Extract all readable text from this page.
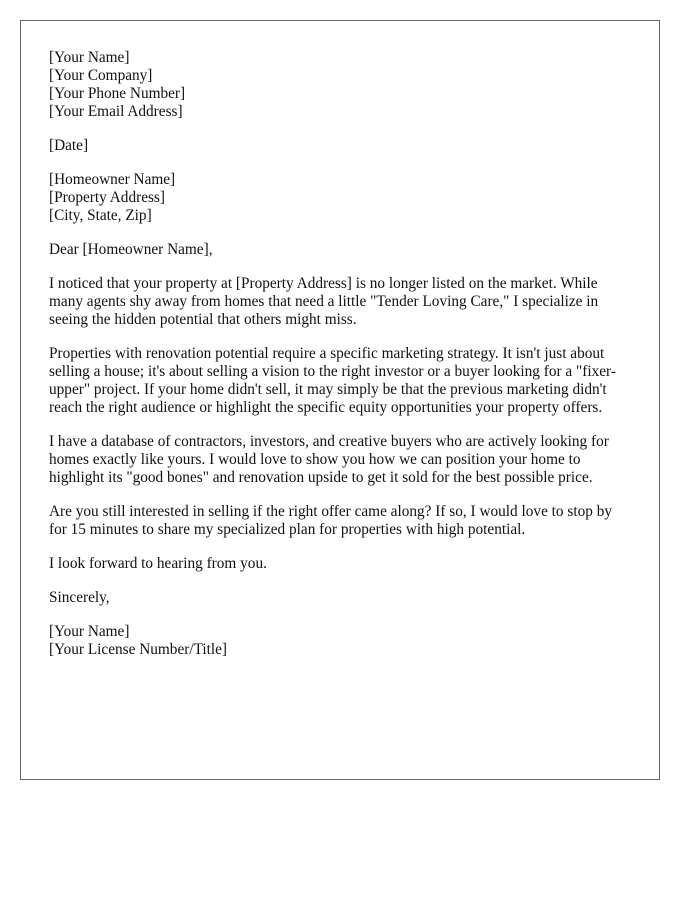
[Your Name]
[Your Company]
[Your Phone Number]
[Your Email Address]
[Date]
[Homeowner Name]
[Property Address]
[City, State, Zip]

Dear [Homeowner Name],

I noticed that your property at [Property Address] is no longer listed on the market. While many agents shy away from homes that need a little "Tender Loving Care," I specialize in seeing the hidden potential that others might miss.

Properties with renovation potential require a specific marketing strategy. It isn't just about selling a house; it's about selling a vision to the right investor or a buyer looking for a "fixer-upper" project. If your home didn't sell, it may simply be that the previous marketing didn't reach the right audience or highlight the specific equity opportunities your property offers.

I have a database of contractors, investors, and creative buyers who are actively looking for homes exactly like yours. I would love to show you how we can position your home to highlight its "good bones" and renovation upside to get it sold for the best possible price.

Are you still interested in selling if the right offer came along? If so, I would love to stop by for 15 minutes to share my specialized plan for properties with high potential.

I look forward to hearing from you.

Sincerely,

[Your Name]
[Your License Number/Title]
